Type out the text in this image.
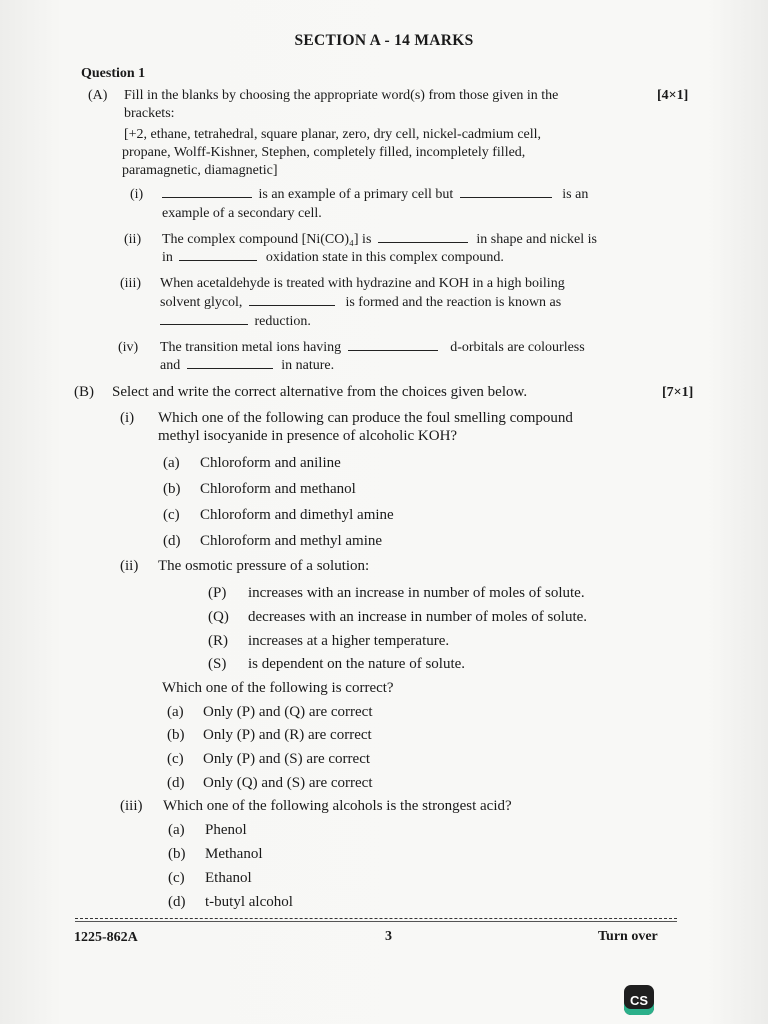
SECTION A - 14 MARKS
Question 1
(A) Fill in the blanks by choosing the appropriate word(s) from those given in the	[4×1]
brackets:
[+2, ethane, tetrahedral, square planar, zero, dry cell, nickel-cadmium cell,
propane, Wolff-Kishner, Stephen, completely filled, incompletely filled,
paramagnetic, diamagnetic]
(i)	is an example of a primary cell but	is an
example of a secondary cell.
(ii) The complex compound [Ni(CO)₄] is	in shape and nickel is
in	oxidation state in this complex compound.
(iii) When acetaldehyde is treated with hydrazine and KOH in a high boiling
solvent glycol,	is formed and the reaction is known as
reduction.
(iv) The transition metal ions having	d-orbitals are colourless
and	in nature.
(B) Select and write the correct alternative from the choices given below.	[7×1]
(i) Which one of the following can produce the foul smelling compound
methyl isocyanide in presence of alcoholic KOH?
(a) Chloroform and aniline
(b) Chloroform and methanol
(c) Chloroform and dimethyl amine
(d) Chloroform and methyl amine
(ii) The osmotic pressure of a solution:
(P) increases with an increase in number of moles of solute.
(Q) decreases with an increase in number of moles of solute.
(R) increases at a higher temperature.
(S) is dependent on the nature of solute.
Which one of the following is correct?
(a) Only (P) and (Q) are correct
(b) Only (P) and (R) are correct
(c) Only (P) and (S) are correct
(d) Only (Q) and (S) are correct
(iii) Which one of the following alcohols is the strongest acid?
(a) Phenol
(b) Methanol
(c) Ethanol
(d) t-butyl alcohol
1225-862A	3	Turn over
CS
